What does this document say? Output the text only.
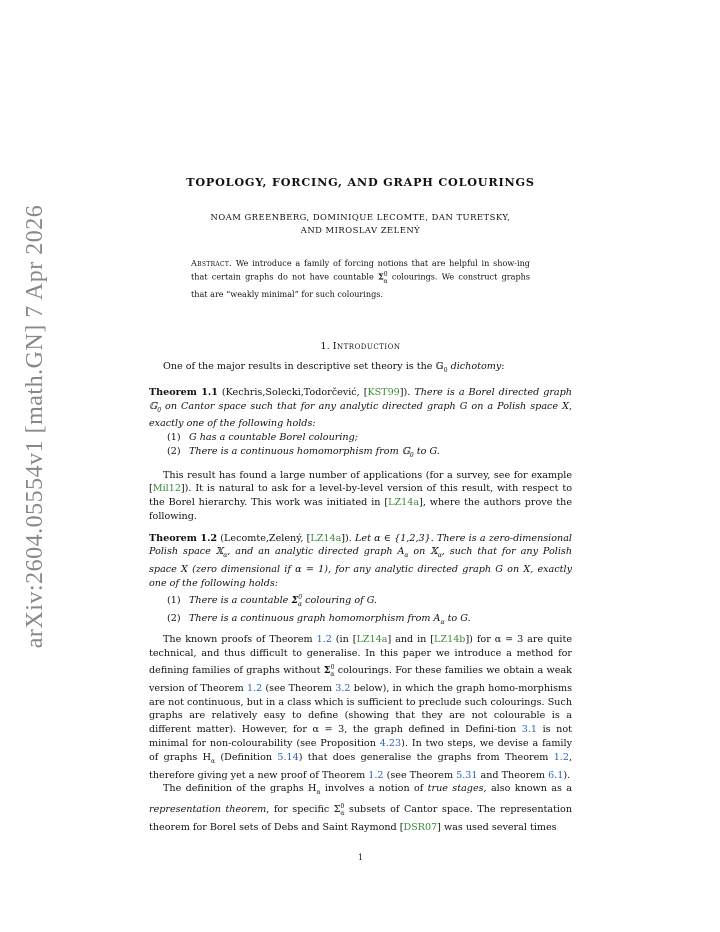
arXiv:2604.05554v1 [math.GN] 7 Apr 2026
TOPOLOGY, FORCING, AND GRAPH COLOURINGS
NOAM GREENBERG, DOMINIQUE LECOMTE, DAN TURETSKY,
AND MIROSLAV ZELENÝ
Abstract. We introduce a family of forcing notions that are helpful in show-ing that certain graphs do not have countable $\Sigma^0_\alpha$ colourings. We construct graphs that are “weakly minimal” for such colourings.
1. Introduction

One of the major results in descriptive set theory is the 𝔾$_0$ dichotomy:

Theorem 1.1 (Kechris,Solecki,Todorčević, [KST99]). There is a Borel directed graph 𝔾$_0$ on Cantor space such that for any analytic directed graph G on a Polish space X, exactly one of the following holds:

(1) G has a countable Borel colouring;

(2) There is a continuous homomorphism from 𝔾$_0$ to G.

This result has found a large number of applications (for a survey, see for example [Mil12]). It is natural to ask for a level-by-level version of this result, with respect to the Borel hierarchy. This work was initiated in [LZ14a], where the authors prove the following.

Theorem 1.2 (Lecomte,Zelený, [LZ14a]). Let α ∈ {1,2,3}. There is a zero-dimensional Polish space 𝕏$_\alpha$, and an analytic directed graph $A_\alpha$ on 𝕏$_\alpha$, such that for any Polish space X (zero dimensional if α = 1), for any analytic directed graph G on X, exactly one of the following holds:

(1) There is a countable $\Sigma^0_\alpha$ colouring of G.

(2) There is a continuous graph homomorphism from $A_\alpha$ to G.

The known proofs of Theorem 1.2 (in [LZ14a] and in [LZ14b]) for α = 3 are quite technical, and thus difficult to generalise. In this paper we introduce a method for defining families of graphs without $\Sigma^0_\alpha$ colourings. For these families we obtain a weak version of Theorem 1.2 (see Theorem 3.2 below), in which the graph homo-morphisms are not continuous, but in a class which is sufficient to preclude such colourings. Such graphs are relatively easy to define (showing that they are not colourable is a different matter). However, for α = 3, the graph defined in Defini-tion 3.1 is not minimal for non-colourability (see Proposition 4.23). In two steps, we devise a family of graphs $H_\alpha$ (Definition 5.14) that does generalise the graphs from Theorem 1.2, therefore giving yet a new proof of Theorem 1.2 (see Theorem 5.31 and Theorem 6.1).

The definition of the graphs $H_\alpha$ involves a notion of true stages, also known as a representation theorem, for specific $\Sigma^0_\alpha$ subsets of Cantor space. The representation theorem for Borel sets of Debs and Saint Raymond [DSR07] was used several times

1
